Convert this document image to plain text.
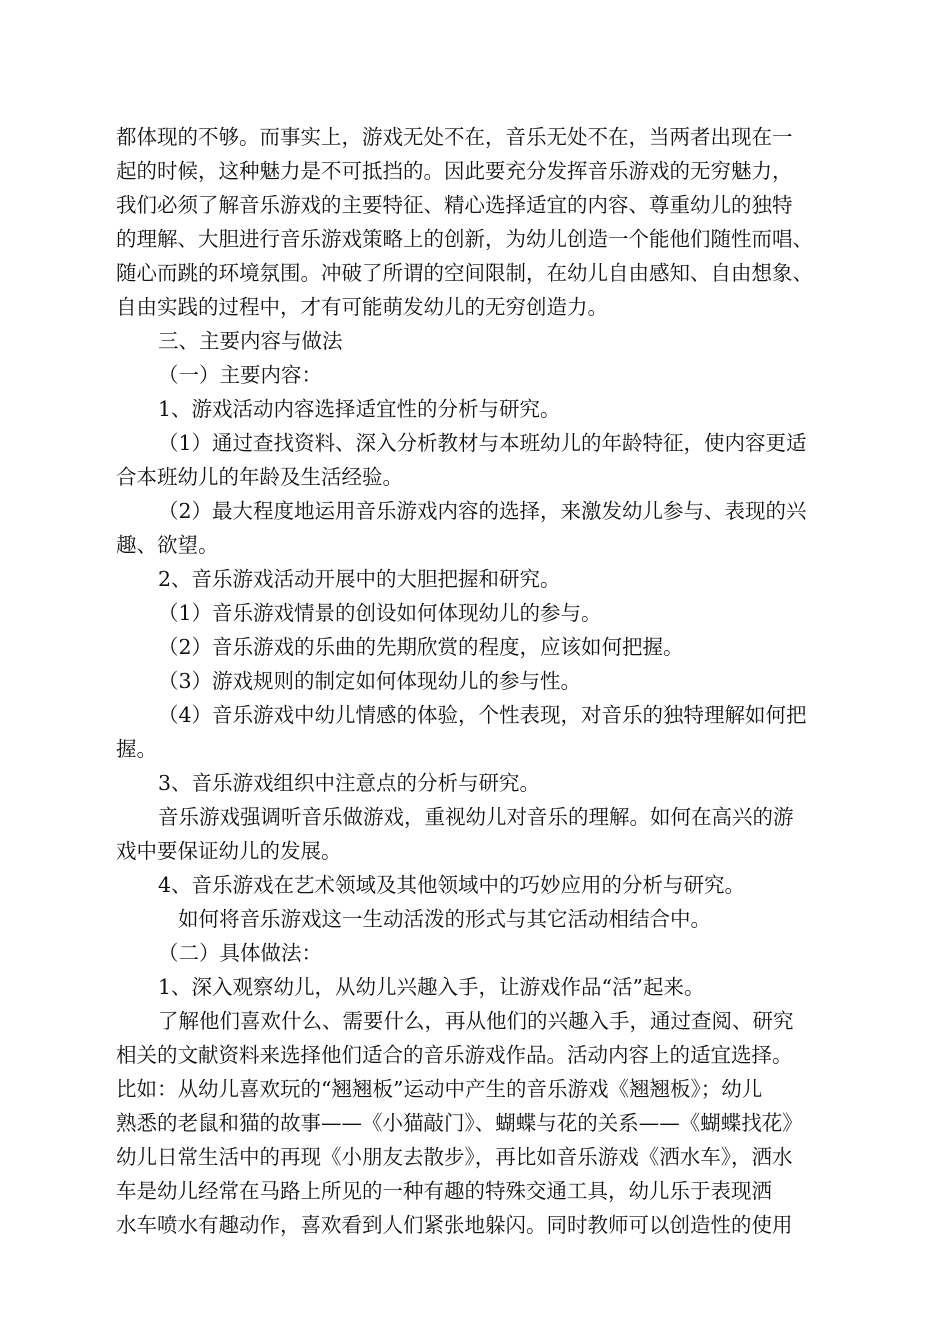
都体现的不够。而事实上，游戏无处不在，音乐无处不在，当两者出现在一
起的时候，这种魅力是不可抵挡的。因此要充分发挥音乐游戏的无穷魅力，
我们必须了解音乐游戏的主要特征、精心选择适宜的内容、尊重幼儿的独特
的理解、大胆进行音乐游戏策略上的创新，为幼儿创造一个能他们随性而唱、
随心而跳的环境氛围。冲破了所谓的空间限制，在幼儿自由感知、自由想象、
自由实践的过程中，才有可能萌发幼儿的无穷创造力。
三、主要内容与做法
（一）主要内容：
1、游戏活动内容选择适宜性的分析与研究。
（1）通过查找资料、深入分析教材与本班幼儿的年龄特征，使内容更适
合本班幼儿的年龄及生活经验。
（2）最大程度地运用音乐游戏内容的选择，来激发幼儿参与、表现的兴
趣、欲望。
2、音乐游戏活动开展中的大胆把握和研究。
（1）音乐游戏情景的创设如何体现幼儿的参与。
（2）音乐游戏的乐曲的先期欣赏的程度，应该如何把握。
（3）游戏规则的制定如何体现幼儿的参与性。
（4）音乐游戏中幼儿情感的体验，个性表现，对音乐的独特理解如何把
握。
3、音乐游戏组织中注意点的分析与研究。
音乐游戏强调听音乐做游戏，重视幼儿对音乐的理解。如何在高兴的游
戏中要保证幼儿的发展。
4、音乐游戏在艺术领域及其他领域中的巧妙应用的分析与研究。
如何将音乐游戏这一生动活泼的形式与其它活动相结合中。
（二）具体做法：
1、深入观察幼儿，从幼儿兴趣入手，让游戏作品“活”起来。
了解他们喜欢什么、需要什么，再从他们的兴趣入手，通过查阅、研究
相关的文献资料来选择他们适合的音乐游戏作品。活动内容上的适宜选择。
比如：从幼儿喜欢玩的“翘翘板”运动中产生的音乐游戏《翘翘板》；幼儿
熟悉的老鼠和猫的故事——《小猫敲门》、蝴蝶与花的关系——《蝴蝶找花》
幼儿日常生活中的再现《小朋友去散步》，再比如音乐游戏《洒水车》，洒水
车是幼儿经常在马路上所见的一种有趣的特殊交通工具，幼儿乐于表现洒
水车喷水有趣动作，喜欢看到人们紧张地躲闪。同时教师可以创造性的使用
